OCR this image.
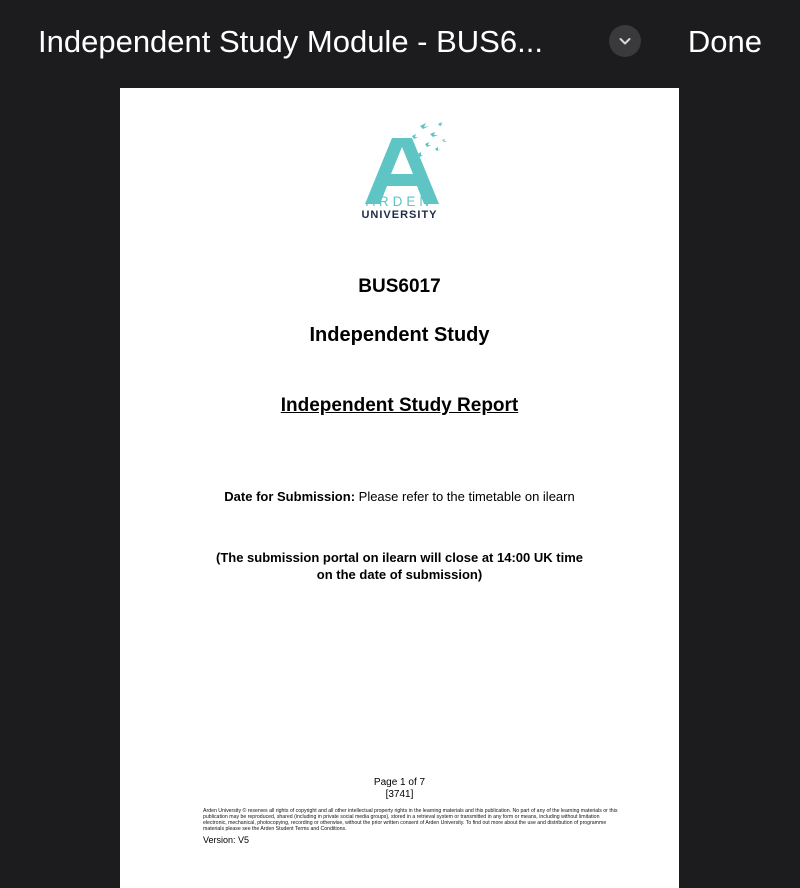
Independent Study Module - BUS6...	Done
ARDEN
UNIVERSITY
BUS6017
Independent Study
Independent Study Report
Date for Submission: Please refer to the timetable on ilearn
(The submission portal on ilearn will close at 14:00 UK time
on the date of submission)
Page 1 of 7
[3741]
Arden University © reserves all rights of copyright and all other intellectual property rights in the learning materials and this publication. No part of any of the learning materials or this publication may be reproduced, shared (including in private social media groups), stored in a retrieval system or transmitted in any form or means, including without limitation electronic, mechanical, photocopying, recording or otherwise, without the prior written consent of Arden University. To find out more about the use and distribution of programme materials please see the Arden Student Terms and Conditions.
Version: V5
